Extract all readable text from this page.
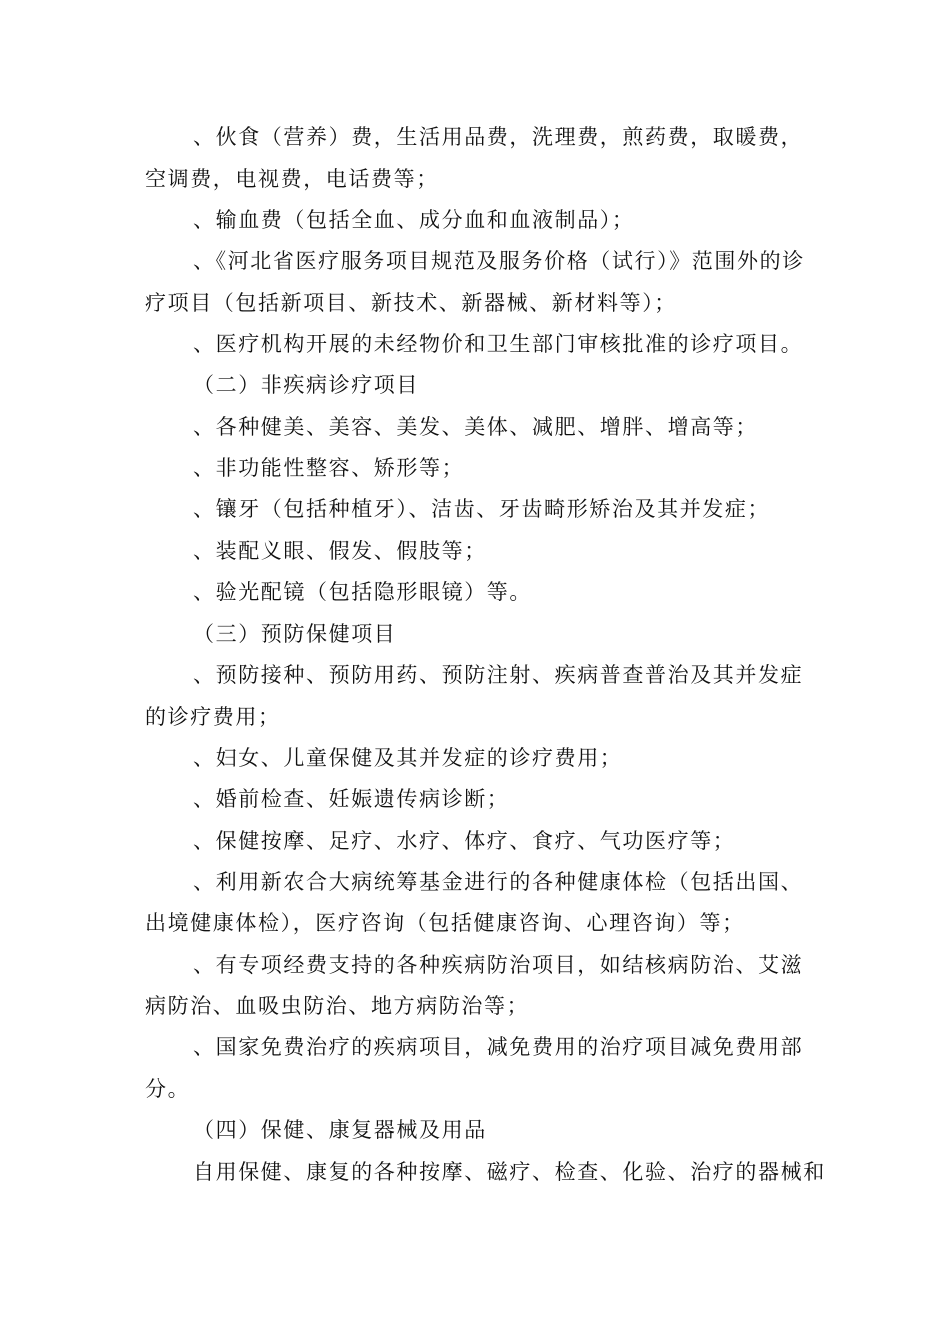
、伙食（营养）费，生活用品费，洗理费，煎药费，取暖费，
空调费，电视费，电话费等；
、输血费（包括全血、成分血和血液制品）；
、《河北省医疗服务项目规范及服务价格（试行）》范围外的诊
疗项目（包括新项目、新技术、新器械、新材料等）；
、医疗机构开展的未经物价和卫生部门审核批准的诊疗项目。
（二）非疾病诊疗项目
、各种健美、美容、美发、美体、减肥、增胖、增高等；
、非功能性整容、矫形等；
、镶牙（包括种植牙）、洁齿、牙齿畸形矫治及其并发症；
、装配义眼、假发、假肢等；
、验光配镜（包括隐形眼镜）等。
（三）预防保健项目
、预防接种、预防用药、预防注射、疾病普查普治及其并发症
的诊疗费用；
、妇女、儿童保健及其并发症的诊疗费用；
、婚前检查、妊娠遗传病诊断；
、保健按摩、足疗、水疗、体疗、食疗、气功医疗等；
、利用新农合大病统筹基金进行的各种健康体检（包括出国、
出境健康体检），医疗咨询（包括健康咨询、心理咨询）等；
、有专项经费支持的各种疾病防治项目，如结核病防治、艾滋
病防治、血吸虫防治、地方病防治等；
、国家免费治疗的疾病项目，减免费用的治疗项目减免费用部
分。
（四）保健、康复器械及用品
自用保健、康复的各种按摩、磁疗、检查、化验、治疗的器械和
